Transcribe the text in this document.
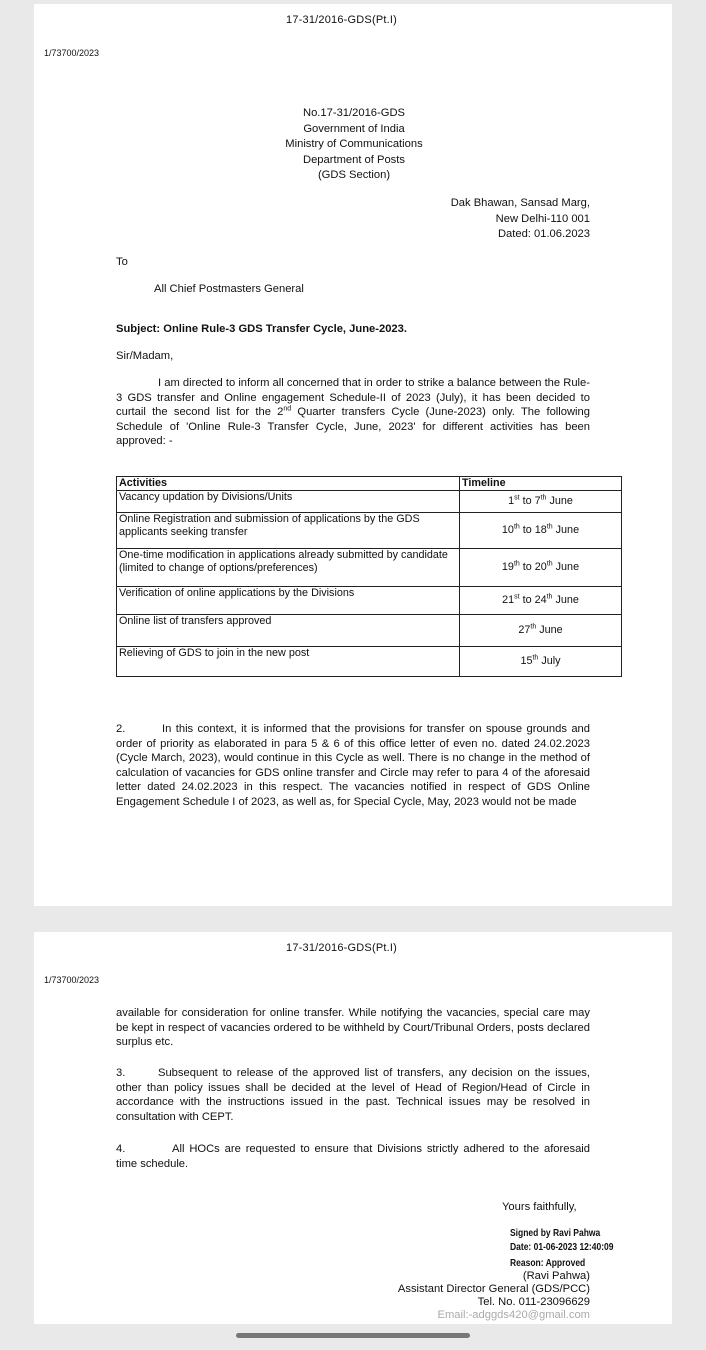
17-31/2016-GDS(Pt.I)
1/73700/2023
No.17-31/2016-GDS
Government of India
Ministry of Communications
Department of Posts
(GDS Section)
Dak Bhawan, Sansad Marg,
New Delhi-110 001
Dated: 01.06.2023
To
All Chief Postmasters General
Subject: Online Rule-3 GDS Transfer Cycle, June-2023.
Sir/Madam,
I am directed to inform all concerned that in order to strike a balance between the Rule-3 GDS transfer and Online engagement Schedule-II of 2023 (July), it has been decided to curtail the second list for the 2nd Quarter transfers Cycle (June-2023) only. The following Schedule of 'Online Rule-3 Transfer Cycle, June, 2023' for different activities has been approved: -
Activities	Timeline
Vacancy updation by Divisions/Units	1st to 7th June
Online Registration and submission of applications by the GDS applicants seeking transfer	10th to 18th June
One-time modification in applications already submitted by candidate (limited to change of options/preferences)	19th to 20th June
Verification of online applications by the Divisions	21st to 24th June
Online list of transfers approved	27th June
Relieving of GDS to join in the new post	15th July
2.	In this context, it is informed that the provisions for transfer on spouse grounds and order of priority as elaborated in para 5 & 6 of this office letter of even no. dated 24.02.2023 (Cycle March, 2023), would continue in this Cycle as well. There is no change in the method of calculation of vacancies for GDS online transfer and Circle may refer to para 4 of the aforesaid letter dated 24.02.2023 in this respect. The vacancies notified in respect of GDS Online Engagement Schedule I of 2023, as well as, for Special Cycle, May, 2023 would not be made
17-31/2016-GDS(Pt.I)
1/73700/2023
available for consideration for online transfer. While notifying the vacancies, special care may be kept in respect of vacancies ordered to be withheld by Court/Tribunal Orders, posts declared surplus etc.
3.	Subsequent to release of the approved list of transfers, any decision on the issues, other than policy issues shall be decided at the level of Head of Region/Head of Circle in accordance with the instructions issued in the past. Technical issues may be resolved in consultation with CEPT.
4.	All HOCs are requested to ensure that Divisions strictly adhered to the aforesaid time schedule.
Yours faithfully,
Signed by Ravi Pahwa
Date: 01-06-2023 12:40:09
Reason: Approved
(Ravi Pahwa)
Assistant Director General (GDS/PCC)
Tel. No. 011-23096629
Email:-adggds420@gmail.com
